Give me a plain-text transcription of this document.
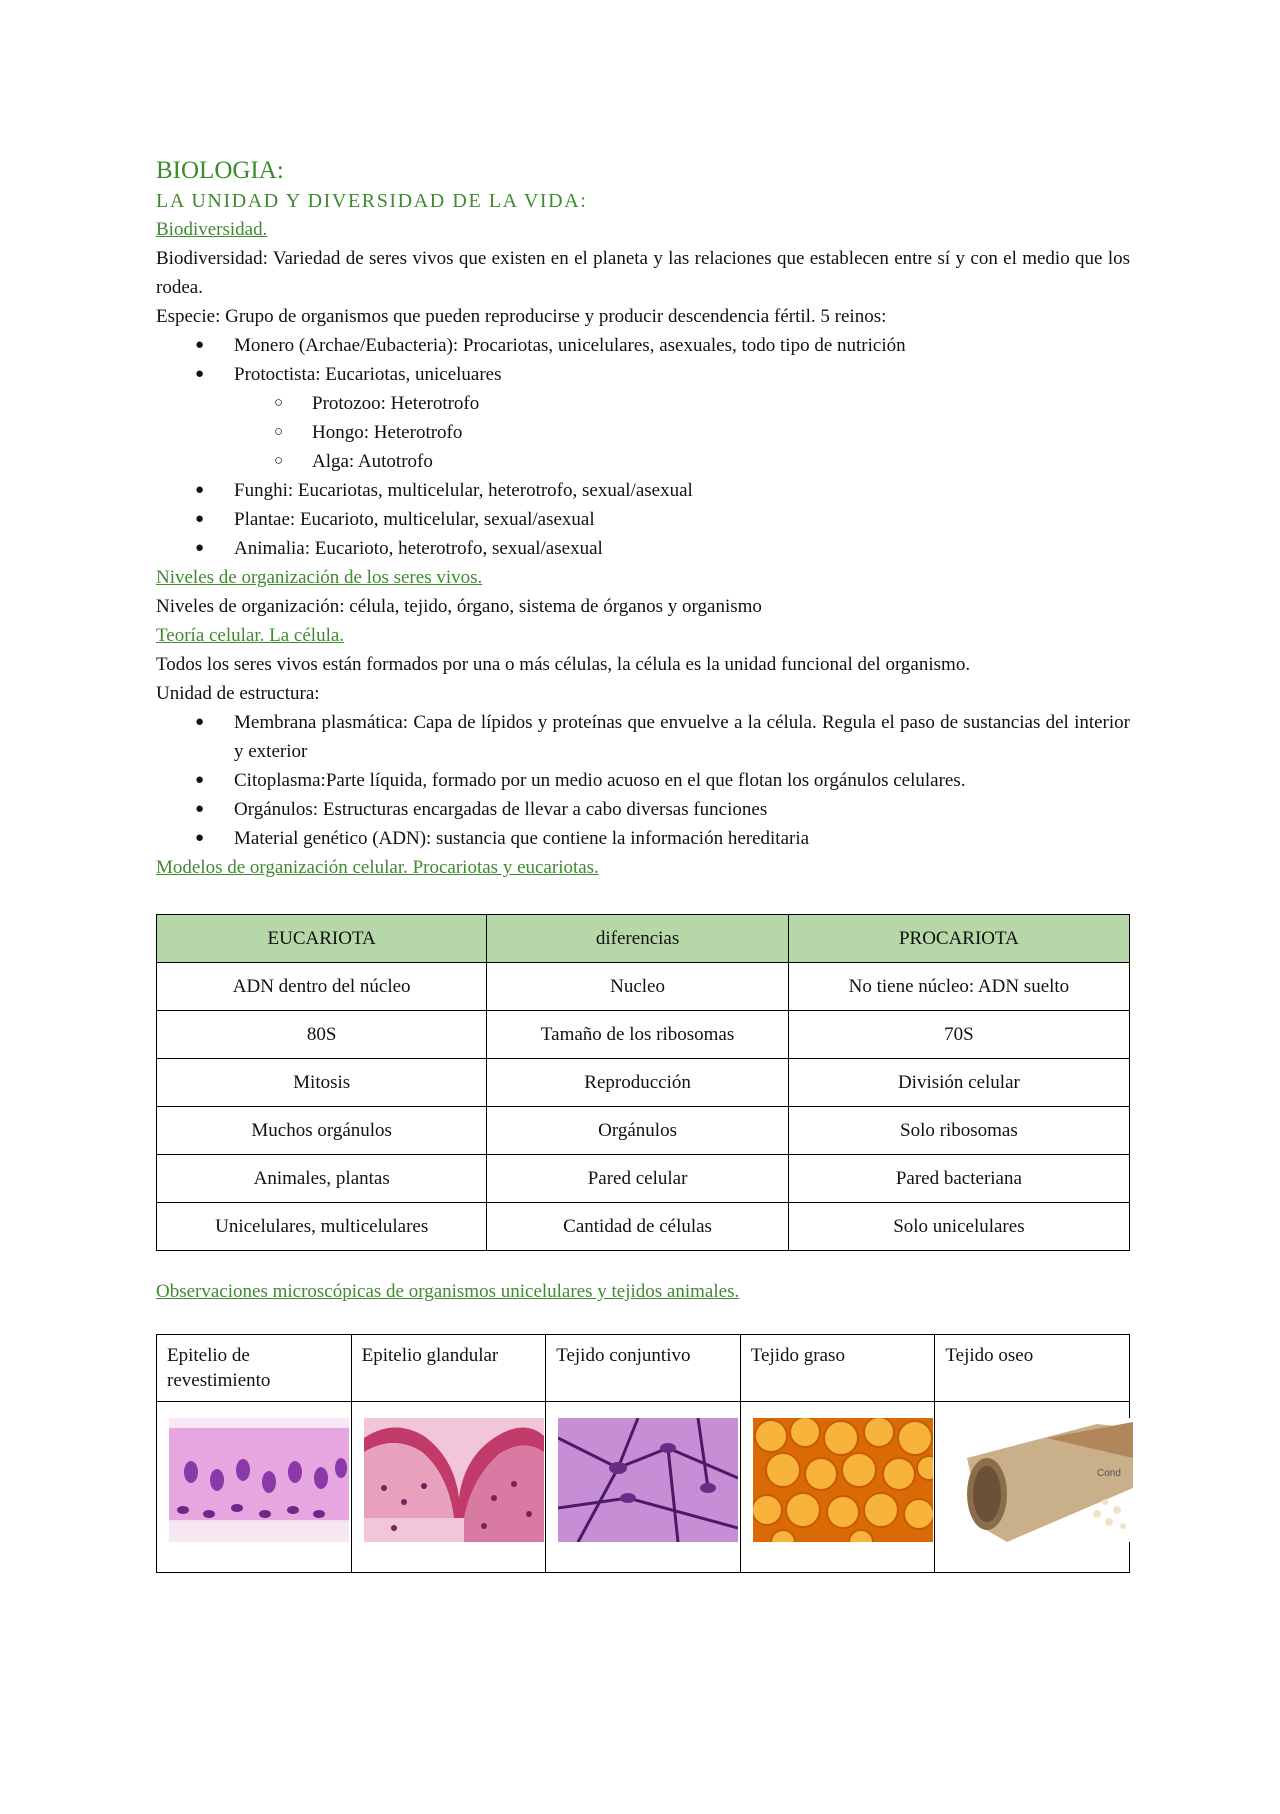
BIOLOGIA:
LA UNIDAD Y DIVERSIDAD DE LA VIDA:
Biodiversidad.

Biodiversidad: Variedad de seres vivos que existen en el planeta y las relaciones que establecen entre sí y con el medio que los rodea.

Especie: Grupo de organismos que pueden reproducirse y producir descendencia fértil. 5 reinos:

● Monero (Archae/Eubacteria): Procariotas, unicelulares, asexuales, todo tipo de nutrición
● Protoctista: Eucariotas, uniceluares
○ Protozoo: Heterotrofo
○ Hongo: Heterotrofo
○ Alga: Autotrofo
● Funghi: Eucariotas, multicelular, heterotrofo, sexual/asexual
● Plantae: Eucarioto, multicelular, sexual/asexual
● Animalia: Eucarioto, heterotrofo, sexual/asexual
Niveles de organización de los seres vivos.

Niveles de organización: célula, tejido, órgano, sistema de órganos y organismo

Teoría celular. La célula.

Todos los seres vivos están formados por una o más células, la célula es la unidad funcional del organismo.

Unidad de estructura:

● Membrana plasmática: Capa de lípidos y proteínas que envuelve a la célula. Regula el paso de sustancias del interior y exterior
● Citoplasma:Parte líquida, formado por un medio acuoso en el que flotan los orgánulos celulares.
● Orgánulos: Estructuras encargadas de llevar a cabo diversas funciones
● Material genético (ADN): sustancia que contiene la información hereditaria
Modelos de organización celular. Procariotas y eucariotas.
EUCARIOTA	diferencias	PROCARIOTA
ADN dentro del núcleo	Nucleo	No tiene núcleo: ADN suelto
80S	Tamaño de los ribosomas	70S
Mitosis	Reproducción	División celular
Muchos orgánulos	Orgánulos	Solo ribosomas
Animales, plantas	Pared celular	Pared bacteriana
Unicelulares, multicelulares	Cantidad de células	Solo unicelulares
Observaciones microscópicas de organismos unicelulares y tejidos animales.
Epitelio de revestimiento	Epitelio glandular	Tejido conjuntivo	Tejido graso	Tejido oseo

Cond
